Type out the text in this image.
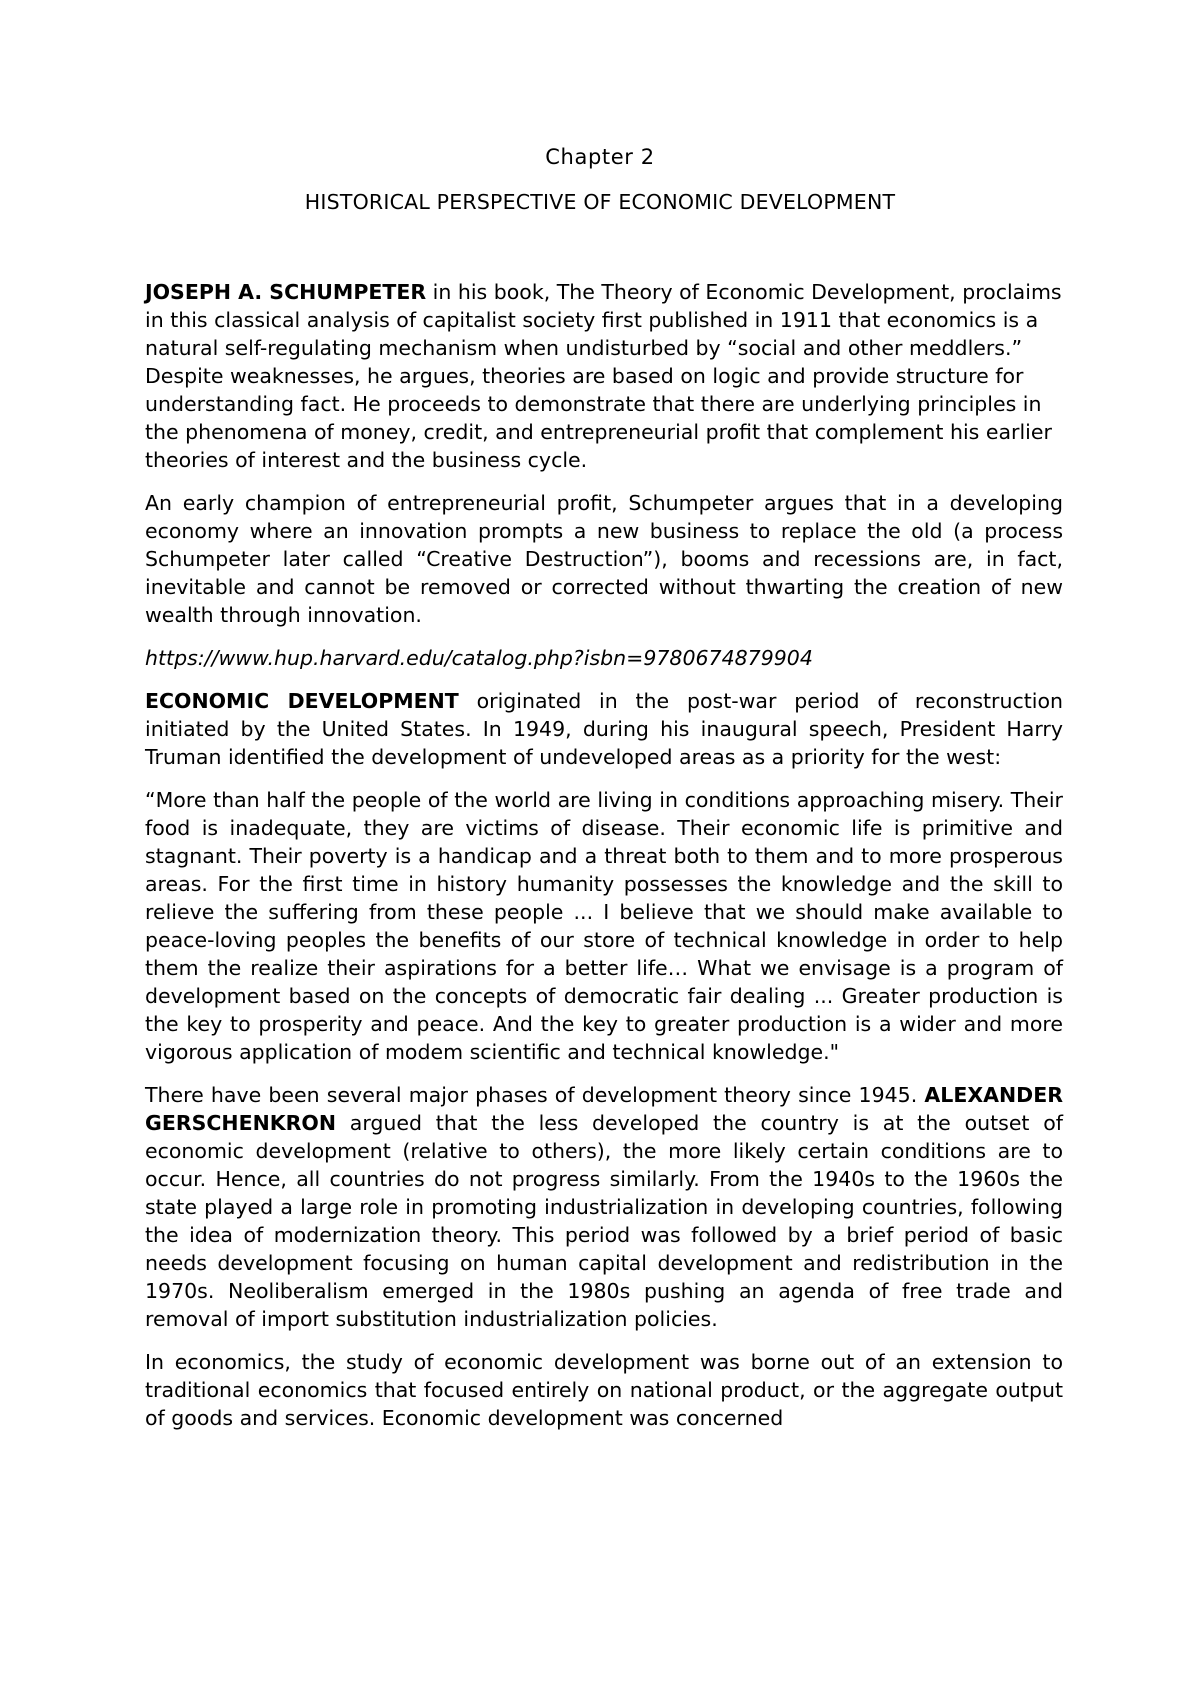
Chapter 2
HISTORICAL PERSPECTIVE OF ECONOMIC DEVELOPMENT

JOSEPH A. SCHUMPETER in his book, The Theory of Economic Development, proclaims in this classical analysis of capitalist society first published in 1911 that economics is a natural self-regulating mechanism when undisturbed by “social and other meddlers.” Despite weaknesses, he argues, theories are based on logic and provide structure for understanding fact. He proceeds to demonstrate that there are underlying principles in the phenomena of money, credit, and entrepreneurial profit that complement his earlier theories of interest and the business cycle.

An early champion of entrepreneurial profit, Schumpeter argues that in a developing economy where an innovation prompts a new business to replace the old (a process Schumpeter later called “Creative Destruction”), booms and recessions are, in fact, inevitable and cannot be removed or corrected without thwarting the creation of new wealth through innovation.

https://www.hup.harvard.edu/catalog.php?isbn=9780674879904

ECONOMIC DEVELOPMENT originated in the post-war period of reconstruction initiated by the United States. In 1949, during his inaugural speech, President Harry Truman identified the development of undeveloped areas as a priority for the west:

“More than half the people of the world are living in conditions approaching misery. Their food is inadequate, they are victims of disease. Their economic life is primitive and stagnant. Their poverty is a handicap and a threat both to them and to more prosperous areas. For the first time in history humanity possesses the knowledge and the skill to relieve the suffering from these people ... I believe that we should make available to peace-loving peoples the benefits of our store of technical knowledge in order to help them the realize their aspirations for a better life… What we envisage is a program of development based on the concepts of democratic fair dealing ... Greater production is the key to prosperity and peace. And the key to greater production is a wider and more vigorous application of modem scientific and technical knowledge."

There have been several major phases of development theory since 1945. ALEXANDER GERSCHENKRON argued that the less developed the country is at the outset of economic development (relative to others), the more likely certain conditions are to occur. Hence, all countries do not progress similarly. From the 1940s to the 1960s the state played a large role in promoting industrialization in developing countries, following the idea of modernization theory. This period was followed by a brief period of basic needs development focusing on human capital development and redistribution in the 1970s. Neoliberalism emerged in the 1980s pushing an agenda of free trade and removal of import substitution industrialization policies.

In economics, the study of economic development was borne out of an extension to traditional economics that focused entirely on national product, or the aggregate output of goods and services. Economic development was concerned
